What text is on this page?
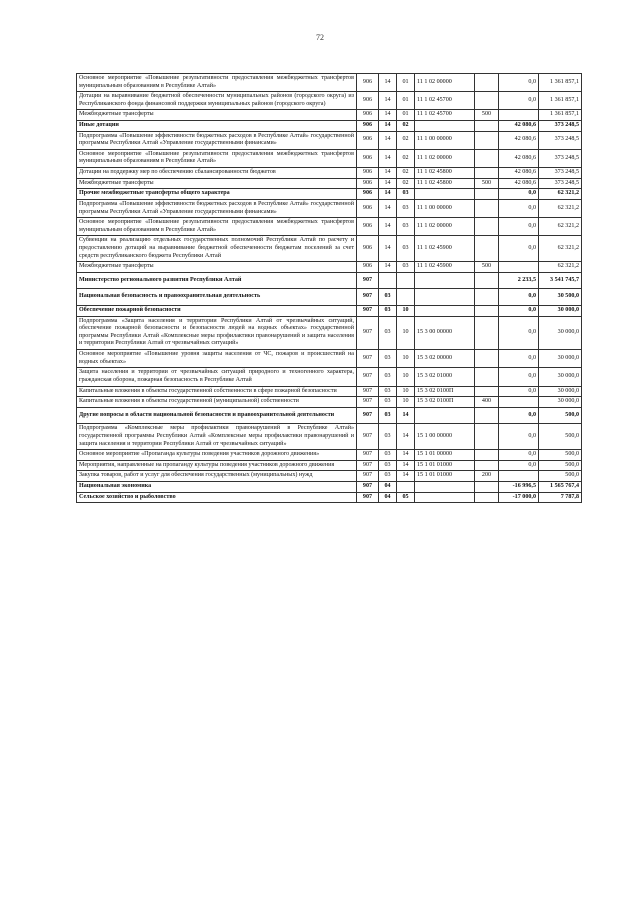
72
Основное мероприятие «Повышение результативности предоставления межбюджетных трансфертов муниципальным образованиям в Республике Алтай»	906	14	01	11 1 02 00000		0,0	1 361 857,1
Дотации на выравнивание бюджетной обеспеченности муниципальных районов (городского округа) из Республиканского фонда финансовой поддержки муниципальных районов (городского округа)	906	14	01	11 1 02 45700		0,0	1 361 857,1
Межбюджетные трансферты	906	14	01	11 1 02 45700	500		1 361 857,1
Иные дотации	906	14	02			42 080,6	373 248,5
Подпрограмма «Повышение эффективности бюджетных расходов в Республике Алтай» государственной программы Республики Алтай «Управление государственными финансами»	906	14	02	11 1 00 00000		42 080,6	373 248,5
Основное мероприятие «Повышение результативности предоставления межбюджетных трансфертов муниципальным образованиям в Республике Алтай»	906	14	02	11 1 02 00000		42 080,6	373 248,5
Дотации на поддержку мер по обеспечению сбалансированности бюджетов	906	14	02	11 1 02 45800		42 080,6	373 248,5
Межбюджетные трансферты	906	14	02	11 1 02 45800	500	42 080,6	373 248,5
Прочие межбюджетные трансферты общего характера	906	14	03			0,0	62 321,2
Подпрограмма «Повышение эффективности бюджетных расходов в Республике Алтай» государственной программы Республики Алтай «Управление государственными финансами»	906	14	03	11 1 00 00000		0,0	62 321,2
Основное мероприятие «Повышение результативности предоставления межбюджетных трансфертов муниципальным образованиям в Республике Алтай»	906	14	03	11 1 02 00000		0,0	62 321,2
Субвенции на реализацию отдельных государственных полномочий Республики Алтай по расчету и предоставлению дотаций на выравнивание бюджетной обеспеченности бюджетам поселений за счет средств республиканского бюджета Республики Алтай	906	14	03	11 1 02 45900		0,0	62 321,2
Межбюджетные трансферты	906	14	03	11 1 02 45900	500		62 321,2
Министерство регионального развития Республики Алтай	907					2 233,5	3 541 745,7
Национальная безопасность и правоохранительная деятельность	907	03				0,0	30 500,0
Обеспечение пожарной безопасности	907	03	10			0,0	30 000,0
Подпрограмма «Защита населения и территории Республики Алтай от чрезвычайных ситуаций, обеспечение пожарной безопасности и безопасности людей на водных объектах» государственной программы Республики Алтай «Комплексные меры профилактики правонарушений и защита населения и территории Республики Алтай от чрезвычайных ситуаций»	907	03	10	15 3 00 00000		0,0	30 000,0
Основное мероприятие «Повышение уровня защиты населения от ЧС, пожаров и происшествий на водных объектах»	907	03	10	15 3 02 00000		0,0	30 000,0
Защита населения и территории от чрезвычайных ситуаций природного и техногенного характера, гражданская оборона, пожарная безопасность в Республике Алтай	907	03	10	15 3 02 01000		0,0	30 000,0
Капитальные вложения в объекты государственной собственности в сфере пожарной безопасности	907	03	10	15 3 02 0100П		0,0	30 000,0
Капитальные вложения в объекты государственной (муниципальной) собственности	907	03	10	15 3 02 0100П	400		30 000,0
Другие вопросы в области национальной безопасности и правоохранительной деятельности	907	03	14			0,0	500,0
Подпрограмма «Комплексные меры профилактики правонарушений в Республике Алтай» государственной программы Республики Алтай «Комплексные меры профилактики правонарушений и защита населения и территории Республики Алтай от чрезвычайных ситуаций»	907	03	14	15 1 00 00000		0,0	500,0
Основное мероприятие «Пропаганда культуры поведения участников дорожного движения»	907	03	14	15 1 01 00000		0,0	500,0
Мероприятия, направленные на пропаганду культуры поведения участников дорожного движения	907	03	14	15 1 01 01000		0,0	500,0
Закупка товаров, работ и услуг для обеспечения государственных (муниципальных) нужд	907	03	14	15 1 01 01000	200		500,0
Национальная экономика	907	04				-16 996,5	1 565 767,4
Сельское хозяйство и рыболовство	907	04	05			-17 000,0	7 787,8
